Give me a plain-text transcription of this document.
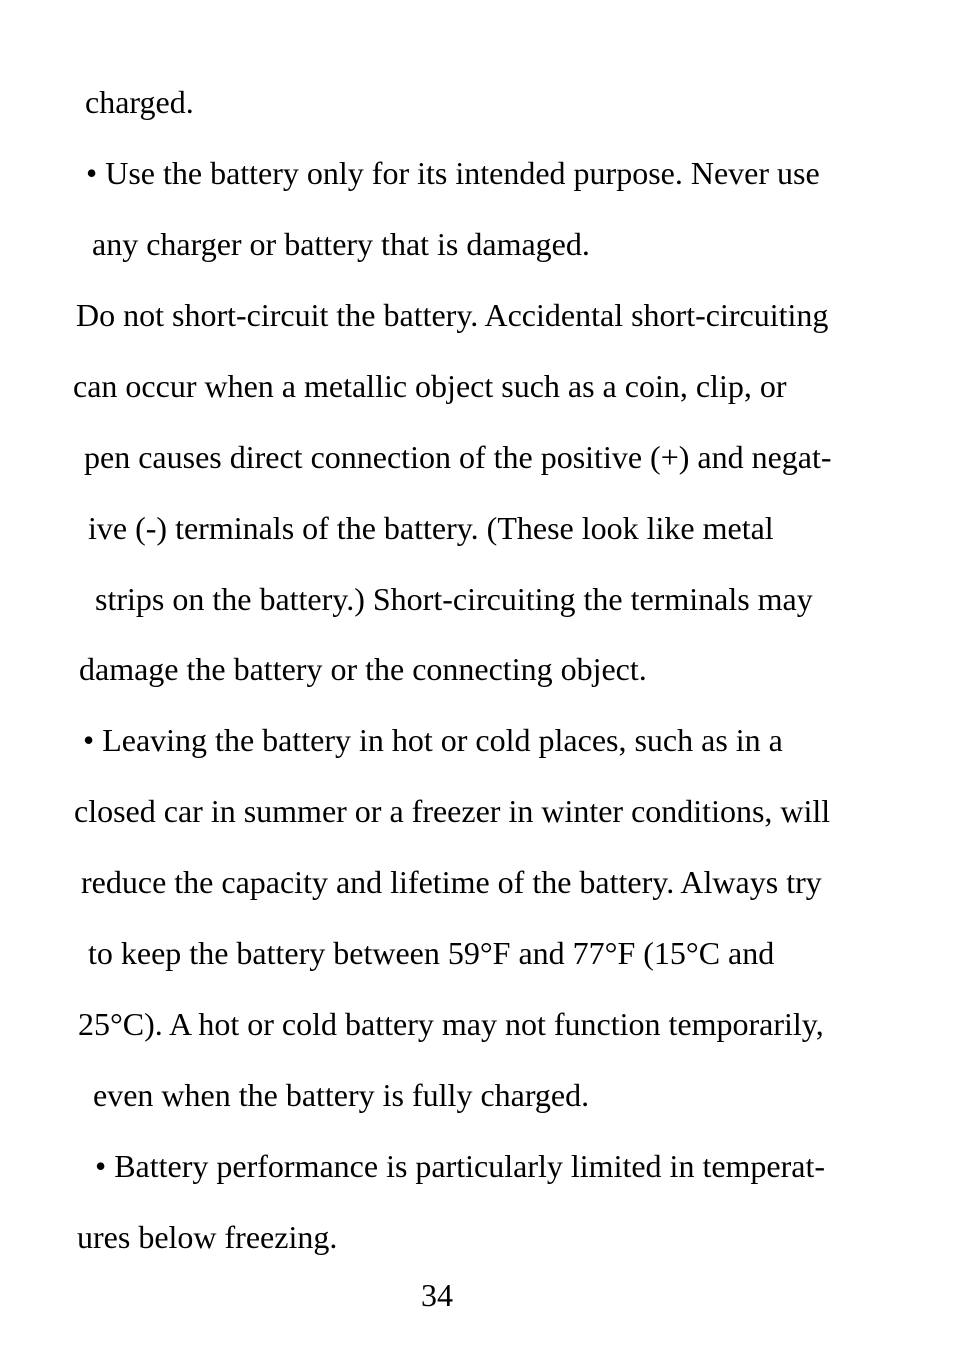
charged.
• Use the battery only for its intended purpose. Never use
any charger or battery that is damaged.
Do not short-circuit the battery. Accidental short-circuiting
can occur when a metallic object such as a coin, clip, or
pen causes direct connection of the positive (+) and negat-
ive (-) terminals of the battery. (These look like metal
strips on the battery.) Short-circuiting the terminals may
damage the battery or the connecting object.
• Leaving the battery in hot or cold places, such as in a
closed car in summer or a freezer in winter conditions, will
reduce the capacity and lifetime of the battery. Always try
to keep the battery between 59°F and 77°F (15°C and
25°C). A hot or cold battery may not function temporarily,
even when the battery is fully charged.
• Battery performance is particularly limited in temperat-
ures below freezing.
34
